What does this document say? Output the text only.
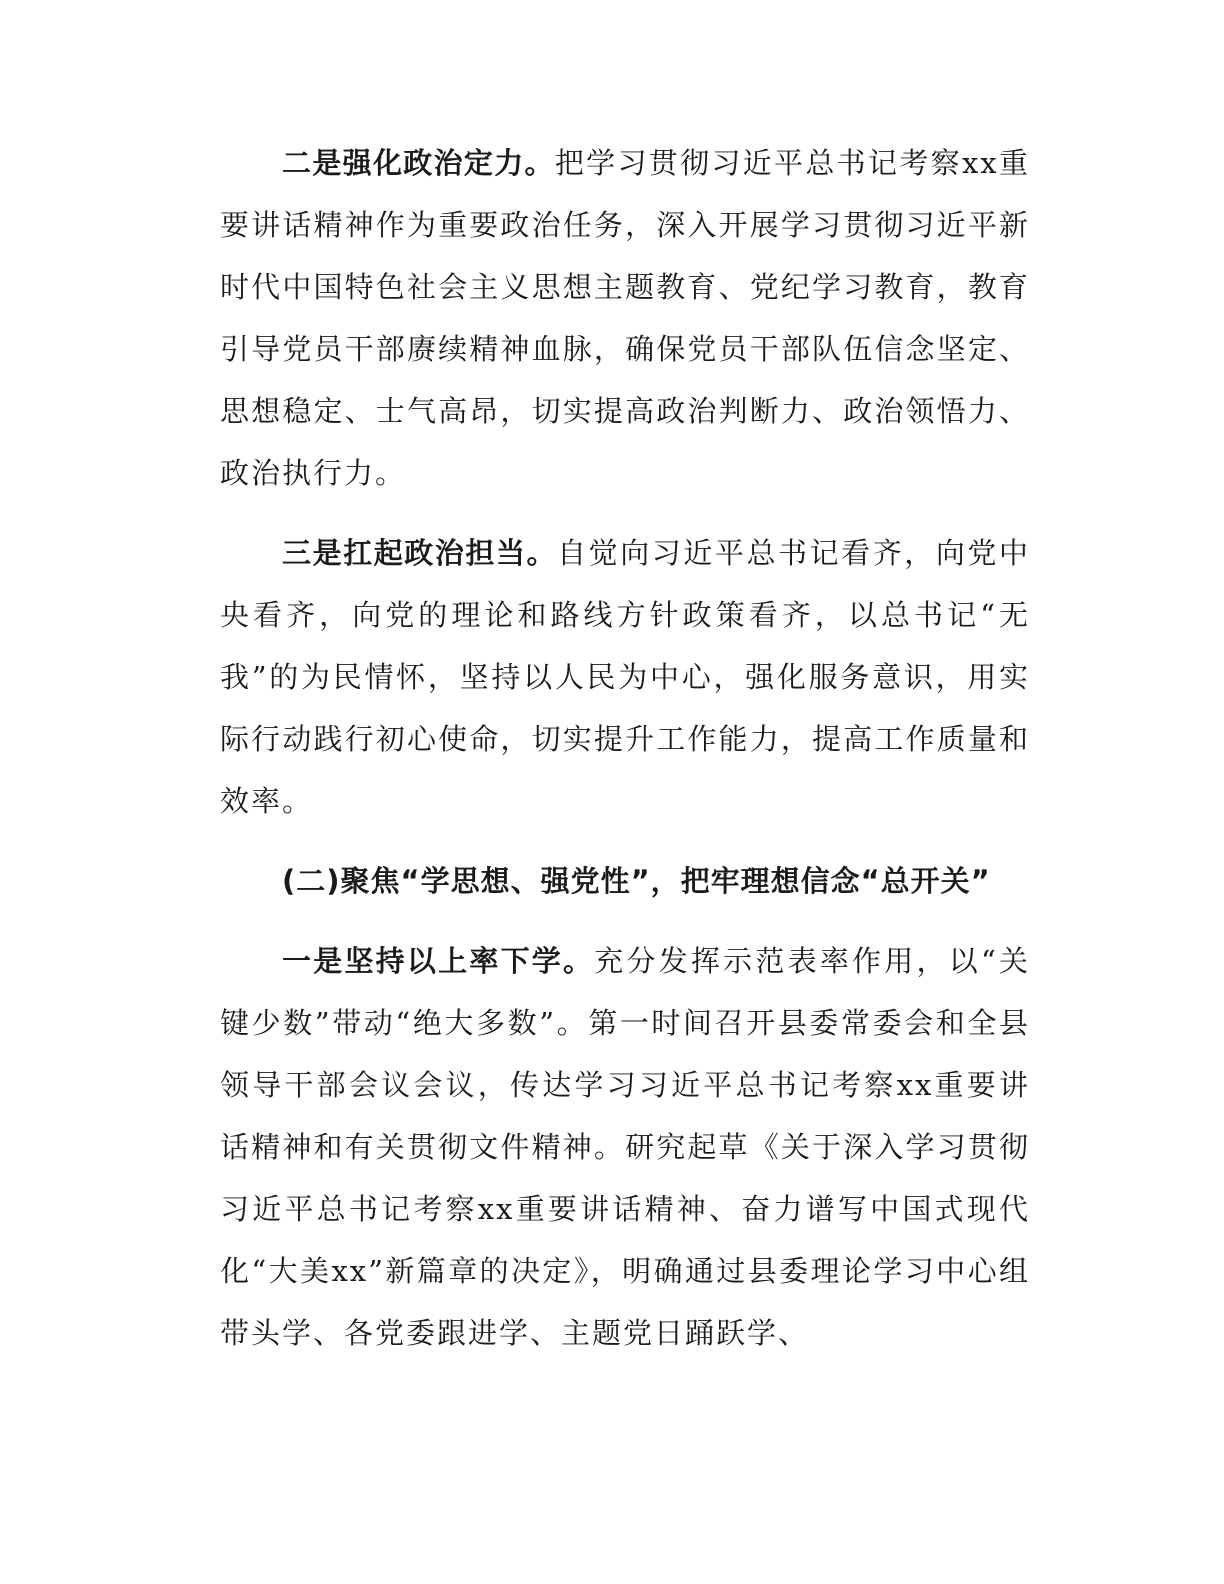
二是强化政治定力。把学习贯彻习近平总书记考察xx重要讲话精神作为重要政治任务，深入开展学习贯彻习近平新时代中国特色社会主义思想主题教育、党纪学习教育，教育引导党员干部赓续精神血脉，确保党员干部队伍信念坚定、思想稳定、士气高昂，切实提高政治判断力、政治领悟力、政治执行力。

三是扛起政治担当。自觉向习近平总书记看齐，向党中央看齐，向党的理论和路线方针政策看齐，以总书记“无我”的为民情怀，坚持以人民为中心，强化服务意识，用实际行动践行初心使命，切实提升工作能力，提高工作质量和效率。

(二)聚焦“学思想、强党性”，把牢理想信念“总开关”

一是坚持以上率下学。充分发挥示范表率作用，以“关键少数”带动“绝大多数”。第一时间召开县委常委会和全县领导干部会议会议，传达学习习近平总书记考察xx重要讲话精神和有关贯彻文件精神。研究起草《关于深入学习贯彻习近平总书记考察xx重要讲话精神、奋力谱写中国式现代化“大美xx”新篇章的决定》，明确通过县委理论学习中心组带头学、各党委跟进学、主题党日踊跃学、
